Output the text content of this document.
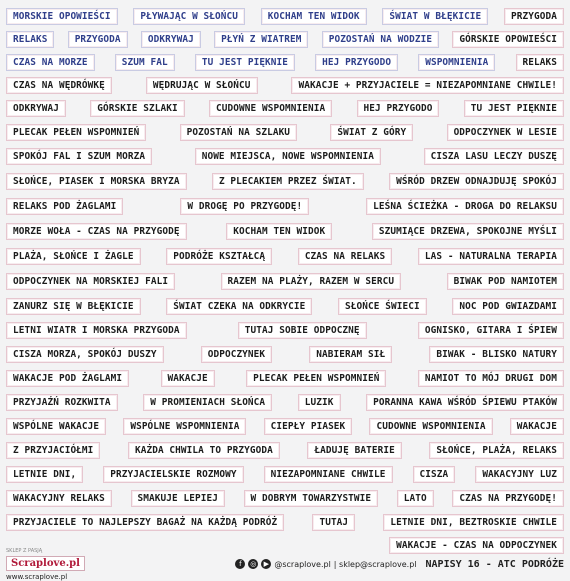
MORSKIE OPOWIEŚCI	PŁYWAJĄC W SŁOŃCU	KOCHAM TEN WIDOK	ŚWIAT W BŁĘKICIE	PRZYGODA
RELAKS	PRZYGODA	ODKRYWAJ	PŁYŃ Z WIATREM	POZOSTAŃ NA WODZIE	GÓRSKIE OPOWIEŚCI
CZAS NA MORZE	SZUM FAL	TU JEST PIĘKNIE	HEJ PRZYGODO	WSPOMNIENIA	RELAKS
CZAS NA WĘDRÓWKĘ	WĘDRUJĄC W SŁOŃCU	WAKACJE + PRZYJACIELE = NIEZAPOMNIANE CHWILE!
ODKRYWAJ	GÓRSKIE SZLAKI	CUDOWNE WSPOMNIENIA	HEJ PRZYGODO	TU JEST PIĘKNIE
PLECAK PEŁEN WSPOMNIEŃ	POZOSTAŃ NA SZLAKU	ŚWIAT Z GÓRY	ODPOCZYNEK W LESIE
SPOKÓJ FAL I SZUM MORZA	NOWE MIEJSCA, NOWE WSPOMNIENIA	CISZA LASU LECZY DUSZĘ
SŁOŃCE, PIASEK I MORSKA BRYZA	Z PLECAKIEM PRZEZ ŚWIAT.	WŚRÓD DRZEW ODNAJDUJĘ SPOKÓJ
RELAKS POD ŻAGLAMI	W DROGĘ PO PRZYGODĘ!	LEŚNA ŚCIEŻKA - DROGA DO RELAKSU
MORZE WOŁA - CZAS NA PRZYGODĘ	KOCHAM TEN WIDOK	SZUMIĄCE DRZEWA, SPOKOJNE MYŚLI
PLAŻA, SŁOŃCE I ŻAGLE	PODRÓŻE KSZTAŁCĄ	CZAS NA RELAKS	LAS - NATURALNA TERAPIA
ODPOCZYNEK NA MORSKIEJ FALI	RAZEM NA PLAŻY, RAZEM W SERCU	BIWAK POD NAMIOTEM
ZANURZ SIĘ W BŁĘKICIE	ŚWIAT CZEKA NA ODKRYCIE	SŁOŃCE ŚWIECI	NOC POD GWIAZDAMI
LETNI WIATR I MORSKA PRZYGODA	TUTAJ SOBIE ODPOCZNĘ	OGNISKO, GITARA I ŚPIEW
CISZA MORZA, SPOKÓJ DUSZY	ODPOCZYNEK	NABIERAM SIŁ	BIWAK - BLISKO NATURY
WAKACJE POD ŻAGLAMI	WAKACJE	PLECAK PEŁEN WSPOMNIEŃ	NAMIOT TO MÓJ DRUGI DOM
PRZYJAŹŃ ROZKWITA	W PROMIENIACH SŁOŃCA	LUZIK	PORANNA KAWA WŚRÓD ŚPIEWU PTAKÓW
WSPÓLNE WAKACJE	WSPÓLNE WSPOMNIENIA	CIEPŁY PIASEK	CUDOWNE WSPOMNIENIA	WAKACJE
Z PRZYJACIÓŁMI	KAŻDA CHWILA TO PRZYGODA	ŁADUJĘ BATERIE	SŁOŃCE, PLAŻA, RELAKS
LETNIE DNI,	PRZYJACIELSKIE ROZMOWY	NIEZAPOMNIANE CHWILE	CISZA	WAKACYJNY LUZ
WAKACYJNY RELAKS	SMAKUJE LEPIEJ	W DOBRYM TOWARZYSTWIE	LATO	CZAS NA PRZYGODĘ!
PRZYJACIELE TO NAJLEPSZY BAGAŻ NA KAŻDĄ PODRÓŻ	TUTAJ	LETNIE DNI, BEZTROSKIE CHWILE
WAKACJE - CZAS NA ODPOCZYNEK
SKLEP Z PASJĄ
Scraplove.pl
www.scraplove.pl
f	◎	▶ @scraplove.pl | sklep@scraplove.pl NAPISY 16 - ATC PODRÓŻE
